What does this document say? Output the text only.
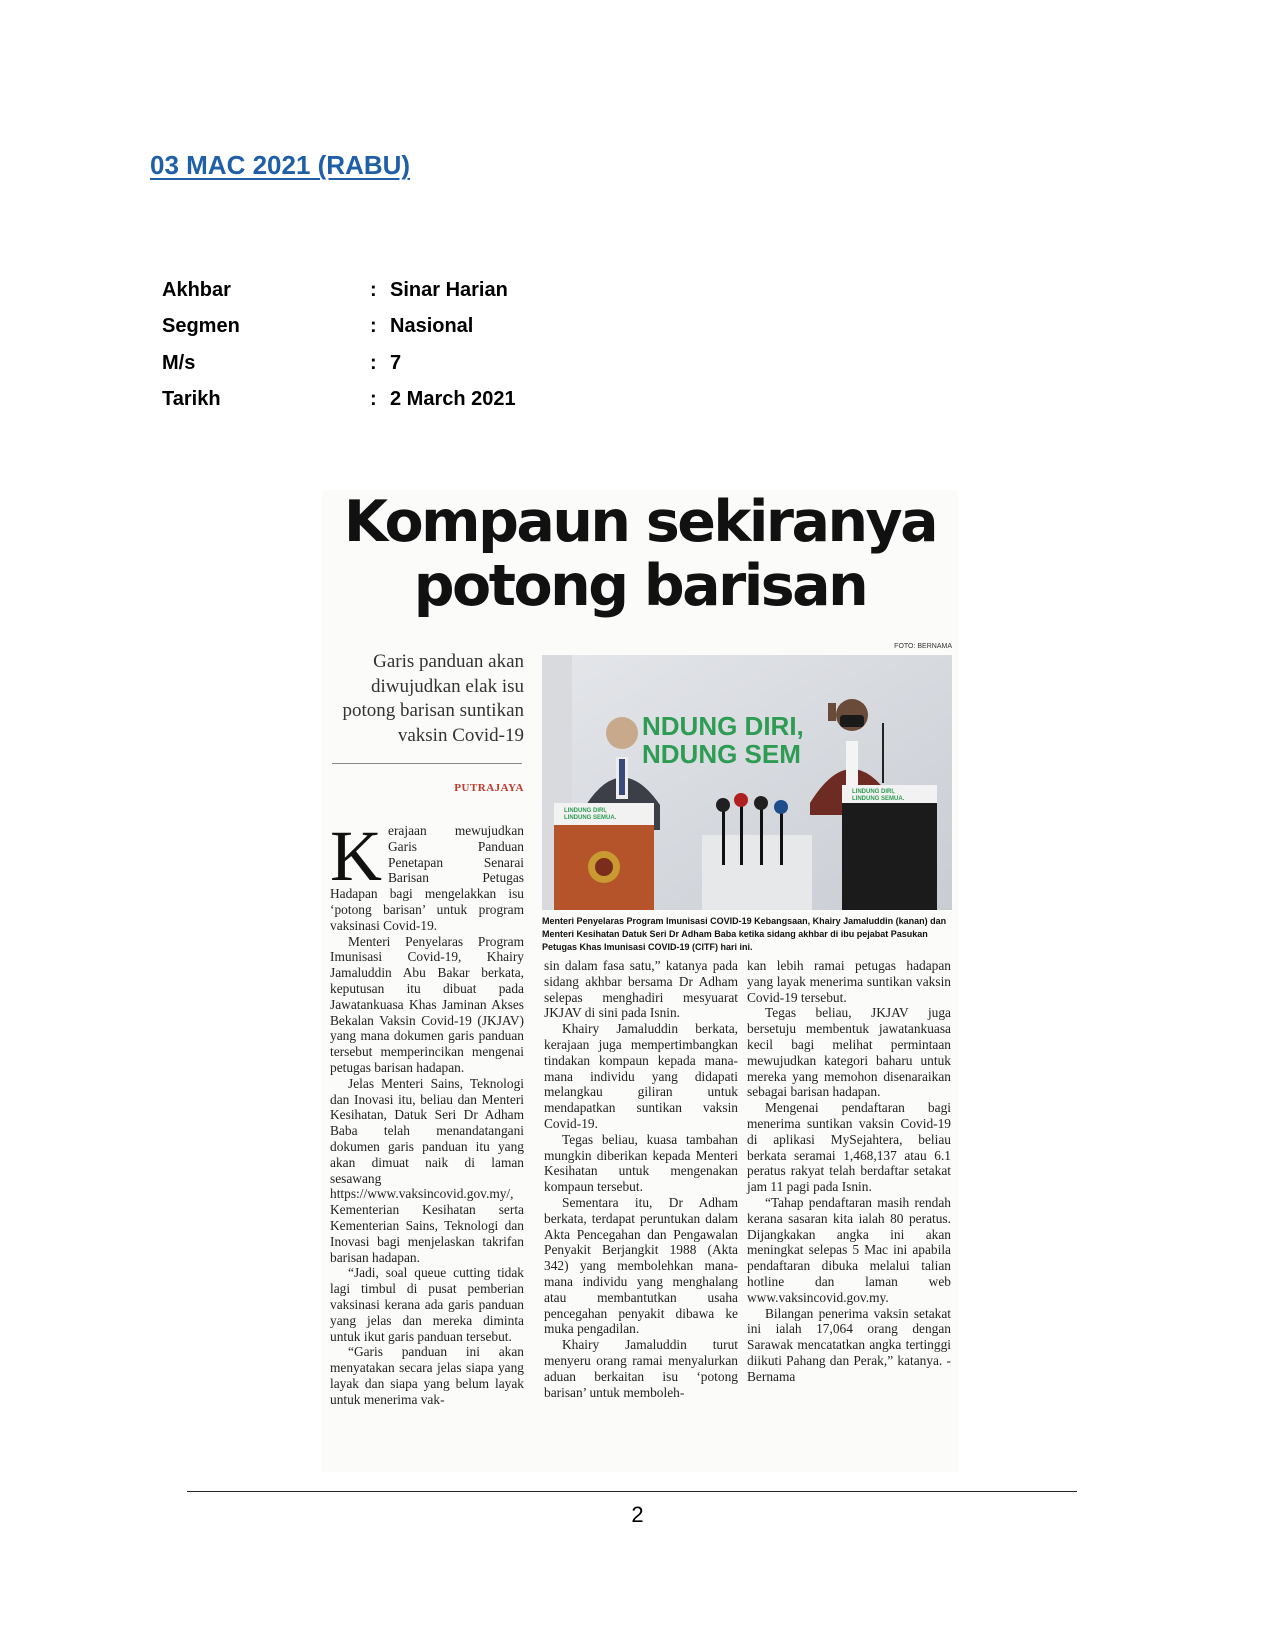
03 MAC 2021 (RABU)
Akhbar	: Sinar Harian
Segmen	: Nasional
M/s	: 7
Tarikh	: 2 March 2021
Kompaun sekiranya
potong barisan
FOTO: BERNAMA
Garis panduan akan diwujudkan elak isu potong barisan suntikan vaksin Covid-19
PUTRAJAYA
NDUNG DIRI,
NDUNG SEM
LINDUNG DIRI,
LINDUNG SEMUA.
LINDUNG DIRI,
LINDUNG SEMUA.
Menteri Penyelaras Program Imunisasi COVID-19 Kebangsaan, Khairy Jamaluddin (kanan) dan Menteri Kesihatan Datuk Seri Dr Adham Baba ketika sidang akhbar di ibu pejabat Pasukan Petugas Khas Imunisasi COVID-19 (CITF) hari ini.
K erajaan mewujudkan Garis Panduan Penetapan Senarai Barisan Petugas Hadapan bagi mengelakkan isu ‘potong barisan’ untuk program vaksinasi Covid-19.

Menteri Penyelaras Program Imunisasi Covid-19, Khairy Jamaluddin Abu Bakar berkata, keputusan itu dibuat pada Jawatankuasa Khas Jaminan Akses Bekalan Vaksin Covid-19 (JKJAV) yang mana dokumen garis panduan tersebut memperincikan mengenai petugas barisan hadapan.

Jelas Menteri Sains, Teknologi dan Inovasi itu, beliau dan Menteri Kesihatan, Datuk Seri Dr Adham Baba telah menandatangani dokumen garis panduan itu yang akan dimuat naik di laman sesawang https://www.vaksincovid.gov.my/, Kementerian Kesihatan serta Kementerian Sains, Teknologi dan Inovasi bagi menjelaskan takrifan barisan hadapan.

“Jadi, soal queue cutting tidak lagi timbul di pusat pemberian vaksinasi kerana ada garis panduan yang jelas dan mereka diminta untuk ikut garis panduan tersebut.

“Garis panduan ini akan menyatakan secara jelas siapa yang layak dan siapa yang belum layak untuk menerima vak-

sin dalam fasa satu,” katanya pada sidang akhbar bersama Dr Adham selepas menghadiri mesyuarat JKJAV di sini pada Isnin.

Khairy Jamaluddin berkata, kerajaan juga mempertimbangkan tindakan kompaun kepada mana-mana individu yang didapati melangkau giliran untuk mendapatkan suntikan vaksin Covid-19.

Tegas beliau, kuasa tambahan mungkin diberikan kepada Menteri Kesihatan untuk mengenakan kompaun tersebut.

Sementara itu, Dr Adham berkata, terdapat peruntukan dalam Akta Pencegahan dan Pengawalan Penyakit Berjangkit 1988 (Akta 342) yang membolehkan mana-mana individu yang menghalang atau membantutkan usaha pencegahan penyakit dibawa ke muka pengadilan.

Khairy Jamaluddin turut menyeru orang ramai menyalurkan aduan berkaitan isu ‘potong barisan’ untuk memboleh-

kan lebih ramai petugas hadapan yang layak menerima suntikan vaksin Covid-19 tersebut.

Tegas beliau, JKJAV juga bersetuju membentuk jawatankuasa kecil bagi melihat permintaan mewujudkan kategori baharu untuk mereka yang memohon disenaraikan sebagai barisan hadapan.

Mengenai pendaftaran bagi menerima suntikan vaksin Covid-19 di aplikasi MySejahtera, beliau berkata seramai 1,468,137 atau 6.1 peratus rakyat telah berdaftar setakat jam 11 pagi pada Isnin.

“Tahap pendaftaran masih rendah kerana sasaran kita ialah 80 peratus. Dijangkakan angka ini akan meningkat selepas 5 Mac ini apabila pendaftaran dibuka melalui talian hotline dan laman web www.vaksincovid.gov.my.

Bilangan penerima vaksin setakat ini ialah 17,064 orang dengan Sarawak mencatatkan angka tertinggi diikuti Pahang dan Perak,” katanya. - Bernama

2
